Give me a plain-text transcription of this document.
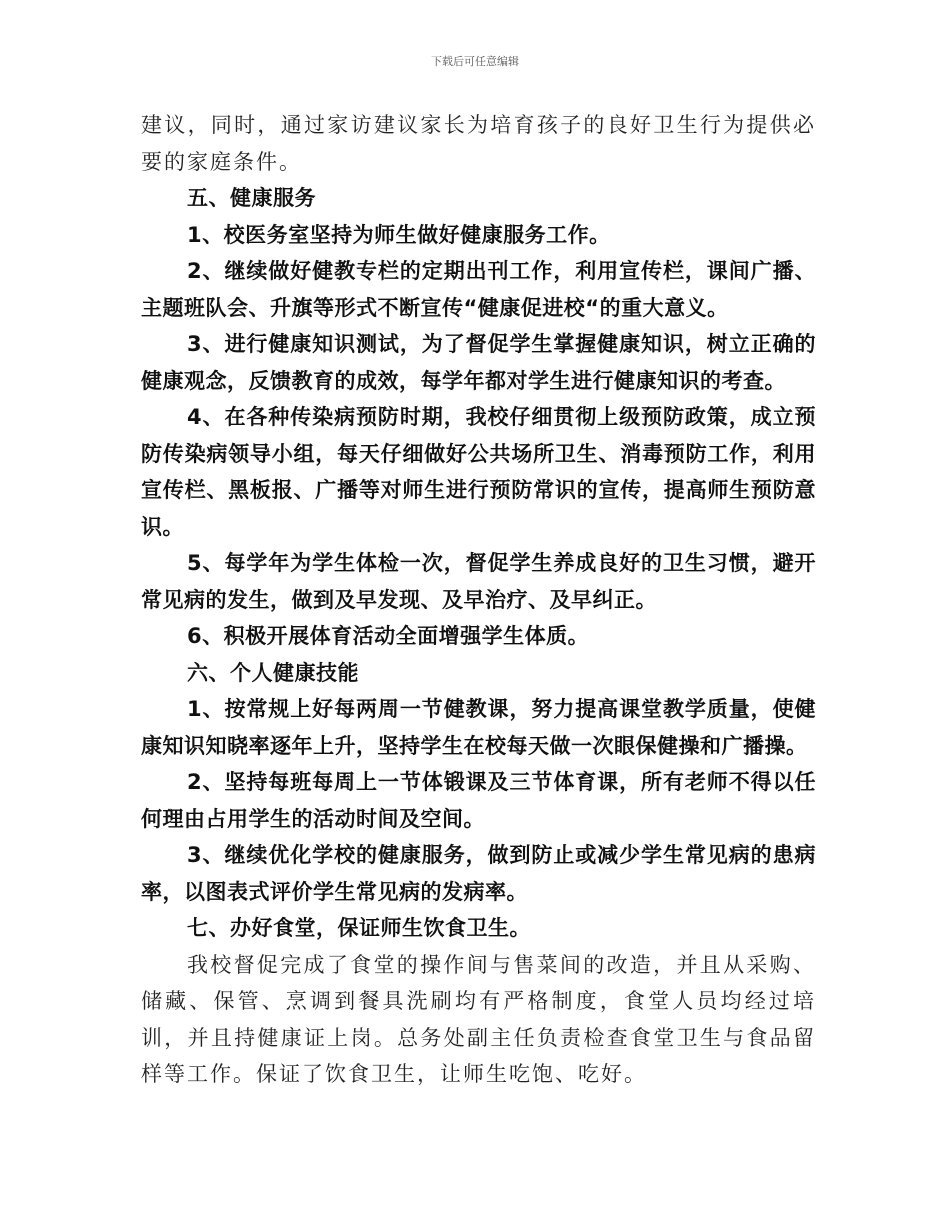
下载后可任意编辑

建议，同时，通过家访建议家长为培育孩子的良好卫生行为提供必要的家庭条件。

五、健康服务

1、校医务室坚持为师生做好健康服务工作。

2、继续做好健教专栏的定期出刊工作，利用宣传栏，课间广播、主题班队会、升旗等形式不断宣传“健康促进校“的重大意义。

3、进行健康知识测试，为了督促学生掌握健康知识，树立正确的健康观念，反馈教育的成效，每学年都对学生进行健康知识的考查。

4、在各种传染病预防时期，我校仔细贯彻上级预防政策，成立预防传染病领导小组，每天仔细做好公共场所卫生、消毒预防工作，利用宣传栏、黑板报、广播等对师生进行预防常识的宣传，提高师生预防意识。

5、每学年为学生体检一次，督促学生养成良好的卫生习惯，避开常见病的发生，做到及早发现、及早治疗、及早纠正。

6、积极开展体育活动全面增强学生体质。

六、个人健康技能

1、按常规上好每两周一节健教课，努力提高课堂教学质量，使健康知识知晓率逐年上升，坚持学生在校每天做一次眼保健操和广播操。

2、坚持每班每周上一节体锻课及三节体育课，所有老师不得以任何理由占用学生的活动时间及空间。

3、继续优化学校的健康服务，做到防止或减少学生常见病的患病率，以图表式评价学生常见病的发病率。

七、办好食堂，保证师生饮食卫生。

我校督促完成了食堂的操作间与售菜间的改造，并且从采购、储藏、保管、烹调到餐具洗刷均有严格制度，食堂人员均经过培训，并且持健康证上岗。总务处副主任负责检查食堂卫生与食品留样等工作。保证了饮食卫生，让师生吃饱、吃好。
